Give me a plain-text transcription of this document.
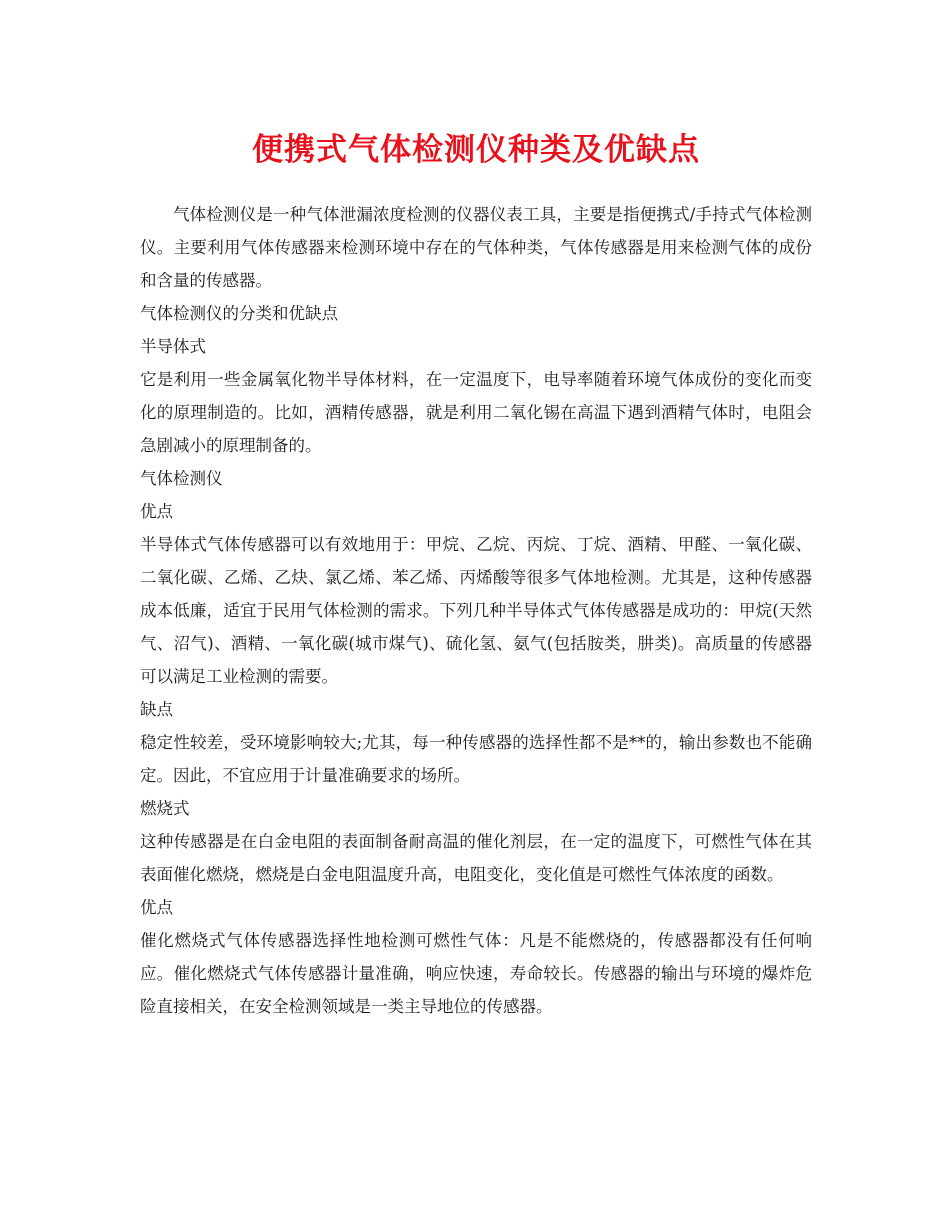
便携式气体检测仪种类及优缺点

气体检测仪是一种气体泄漏浓度检测的仪器仪表工具，主要是指便携式/手持式气体检测仪。主要利用气体传感器来检测环境中存在的气体种类，气体传感器是用来检测气体的成份和含量的传感器。

气体检测仪的分类和优缺点

半导体式

它是利用一些金属氧化物半导体材料，在一定温度下，电导率随着环境气体成份的变化而变化的原理制造的。比如，酒精传感器，就是利用二氧化锡在高温下遇到酒精气体时，电阻会急剧减小的原理制备的。

气体检测仪

优点

半导体式气体传感器可以有效地用于：甲烷、乙烷、丙烷、丁烷、酒精、甲醛、一氧化碳、二氧化碳、乙烯、乙炔、氯乙烯、苯乙烯、丙烯酸等很多气体地检测。尤其是，这种传感器成本低廉，适宜于民用气体检测的需求。下列几种半导体式气体传感器是成功的：甲烷(天然气、沼气)、酒精、一氧化碳(城市煤气)、硫化氢、氨气(包括胺类，肼类)。高质量的传感器可以满足工业检测的需要。

缺点

稳定性较差，受环境影响较大;尤其，每一种传感器的选择性都不是**的，输出参数也不能确定。因此，不宜应用于计量准确要求的场所。

燃烧式

这种传感器是在白金电阻的表面制备耐高温的催化剂层，在一定的温度下，可燃性气体在其表面催化燃烧，燃烧是白金电阻温度升高，电阻变化，变化值是可燃性气体浓度的函数。

优点

催化燃烧式气体传感器选择性地检测可燃性气体：凡是不能燃烧的，传感器都没有任何响应。催化燃烧式气体传感器计量准确，响应快速，寿命较长。传感器的输出与环境的爆炸危险直接相关，在安全检测领域是一类主导地位的传感器。
